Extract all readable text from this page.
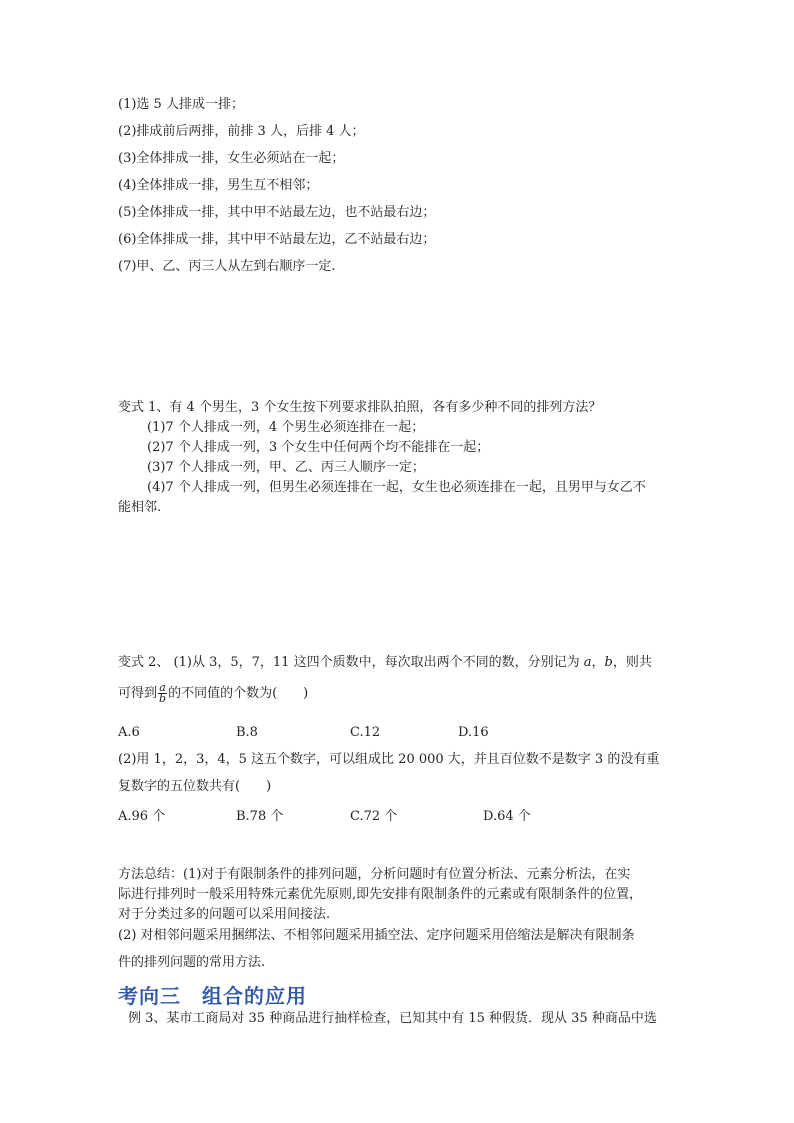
(1)选 5 人排成一排；
(2)排成前后两排，前排 3 人，后排 4 人；
(3)全体排成一排，女生必须站在一起；
(4)全体排成一排，男生互不相邻；
(5)全体排成一排，其中甲不站最左边，也不站最右边；
(6)全体排成一排，其中甲不站最左边，乙不站最右边；
(7)甲、乙、丙三人从左到右顺序一定.
变式 1、有 4 个男生，3 个女生按下列要求排队拍照，各有多少种不同的排列方法？
(1)7 个人排成一列，4 个男生必须连排在一起；
(2)7 个人排成一列，3 个女生中任何两个均不能排在一起；
(3)7 个人排成一列，甲、乙、丙三人顺序一定；
(4)7 个人排成一列，但男生必须连排在一起，女生也必须连排在一起，且男甲与女乙不
能相邻.
变式 2、 (1)从 3，5，7，11 这四个质数中，每次取出两个不同的数，分别记为 a，b，则共
可得到 $\frac{a}{b}$ 的不同值的个数为(　　)
A.6	B.8	C.12	D.16
(2)用 1，2，3，4，5 这五个数字，可以组成比 20 000 大，并且百位数不是数字 3 的没有重
复数字的五位数共有(　　)
A.96 个	B.78 个	C.72 个	D.64 个
方法总结：(1)对于有限制条件的排列问题，分析问题时有位置分析法、元素分析法，在实
际进行排列时一般采用特殊元素优先原则,即先安排有限制条件的元素或有限制条件的位置，
对于分类过多的问题可以采用间接法.
(2) 对相邻问题采用捆绑法、不相邻问题采用插空法、定序问题采用倍缩法是解决有限制条
件的排列问题的常用方法.
考向三　组合的应用
例 3、某市工商局对 35 种商品进行抽样检查，已知其中有 15 种假货．现从 35 种商品中选
